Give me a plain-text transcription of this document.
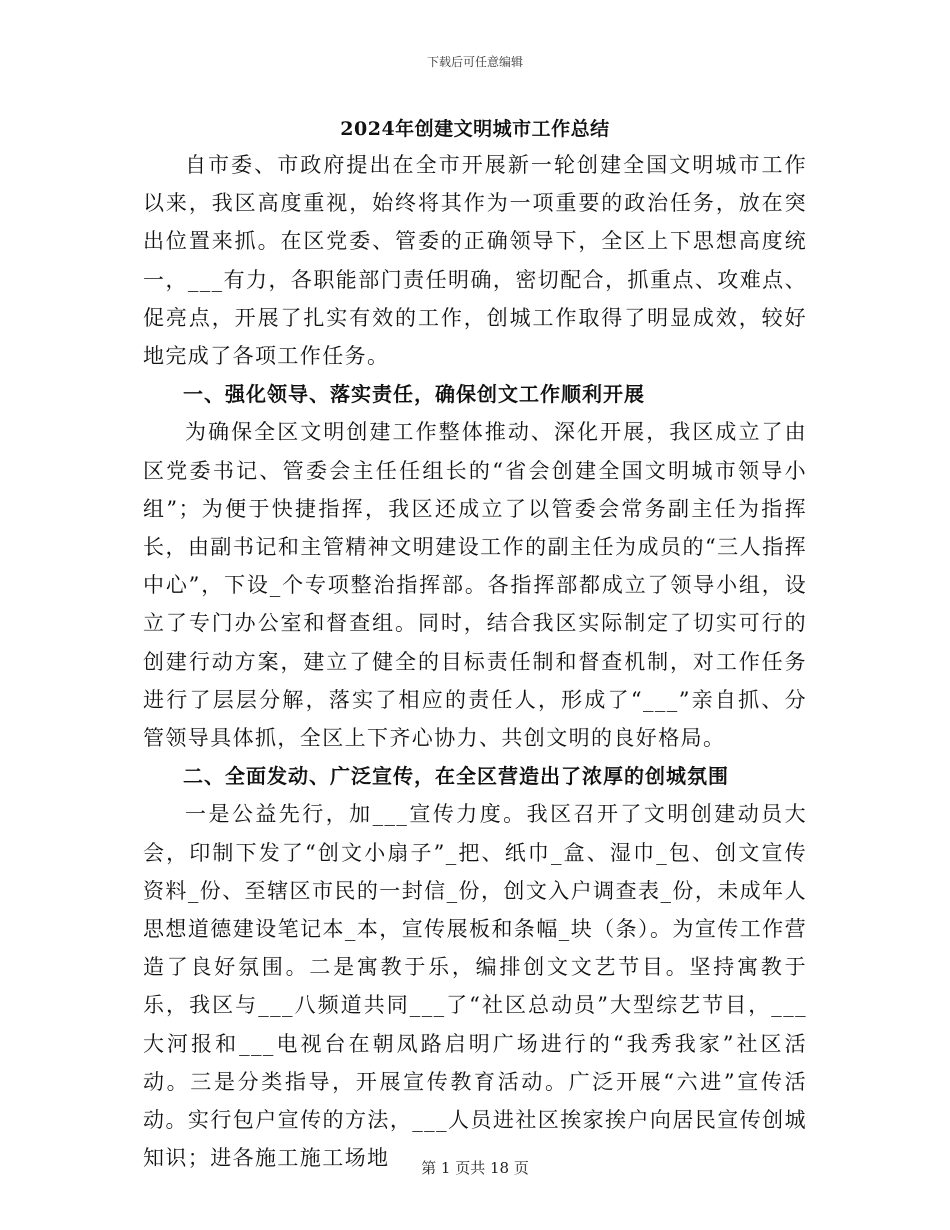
下载后可任意编辑
2024年创建文明城市工作总结

自市委、市政府提出在全市开展新一轮创建全国文明城市工作以来，我区高度重视，始终将其作为一项重要的政治任务，放在突出位置来抓。在区党委、管委的正确领导下，全区上下思想高度统一，___有力，各职能部门责任明确，密切配合，抓重点、攻难点、促亮点，开展了扎实有效的工作，创城工作取得了明显成效，较好地完成了各项工作任务。

一、强化领导、落实责任，确保创文工作顺利开展

为确保全区文明创建工作整体推动、深化开展，我区成立了由区党委书记、管委会主任任组长的“省会创建全国文明城市领导小组”；为便于快捷指挥，我区还成立了以管委会常务副主任为指挥长，由副书记和主管精神文明建设工作的副主任为成员的“三人指挥中心”，下设_个专项整治指挥部。各指挥部都成立了领导小组，设立了专门办公室和督查组。同时，结合我区实际制定了切实可行的创建行动方案，建立了健全的目标责任制和督查机制，对工作任务进行了层层分解，落实了相应的责任人，形成了“___”亲自抓、分管领导具体抓，全区上下齐心协力、共创文明的良好格局。

二、全面发动、广泛宣传，在全区营造出了浓厚的创城氛围

一是公益先行，加___宣传力度。我区召开了文明创建动员大会，印制下发了“创文小扇子”_把、纸巾_盒、湿巾_包、创文宣传资料_份、至辖区市民的一封信_份，创文入户调查表_份，未成年人思想道德建设笔记本_本，宣传展板和条幅_块（条）。为宣传工作营造了良好氛围。二是寓教于乐，编排创文文艺节目。坚持寓教于乐，我区与___八频道共同___了“社区总动员”大型综艺节目，___大河报和___电视台在朝凤路启明广场进行的“我秀我家”社区活动。三是分类指导，开展宣传教育活动。广泛开展“六进”宣传活动。实行包户宣传的方法，___人员进社区挨家挨户向居民宣传创城知识；进各施工施工场地	第 1 页共 18 页
